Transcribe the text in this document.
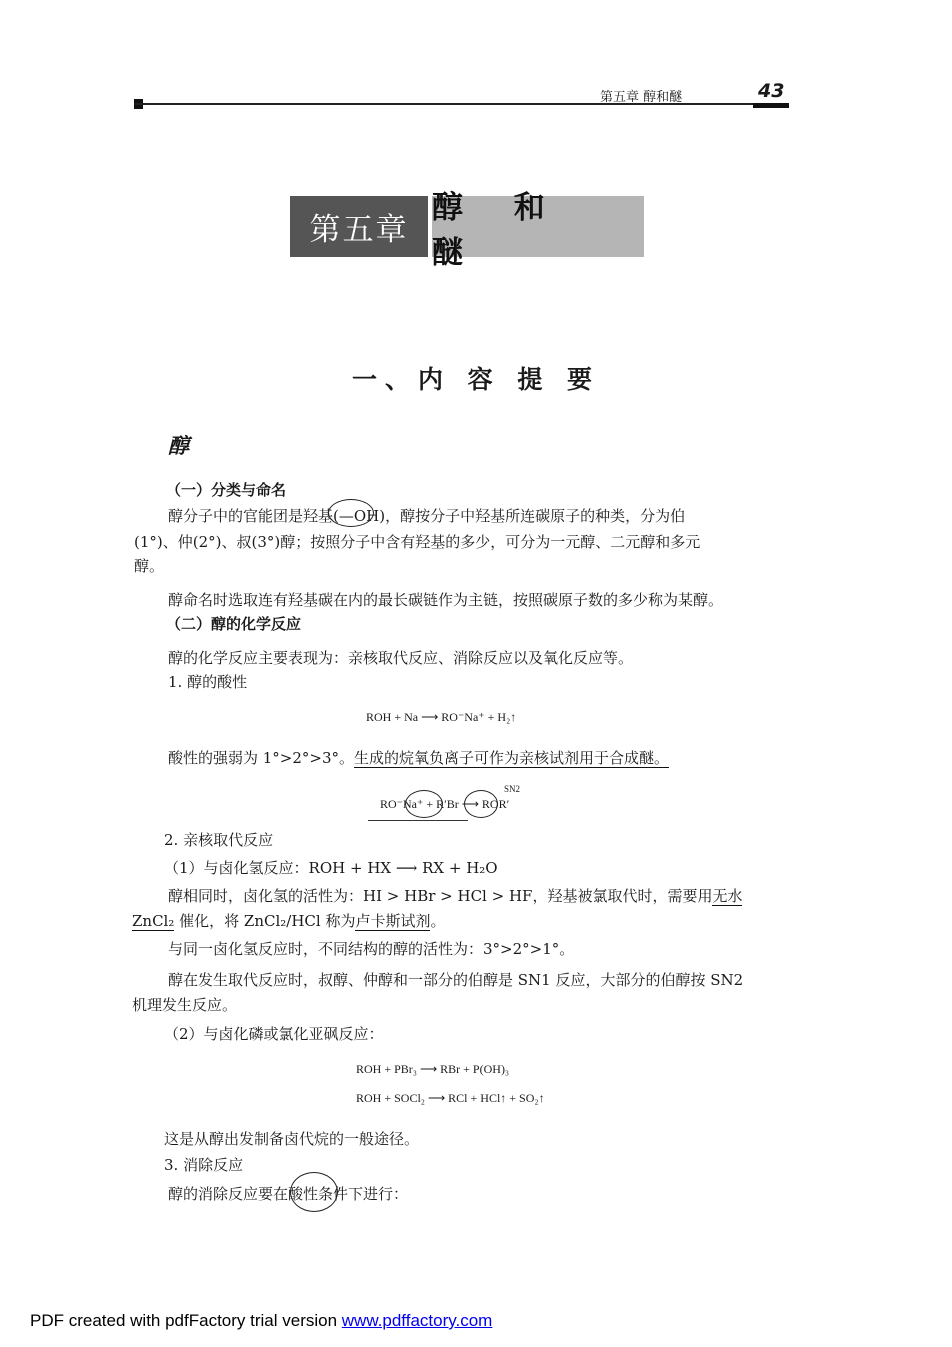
第五章 醇和醚	43
第五章
醇 和 醚
一、内 容 提 要
醇
（一）分类与命名
醇分子中的官能团是羟基(—OH)，醇按分子中羟基所连碳原子的种类，分为伯
(1°)、仲(2°)、叔(3°)醇；按照分子中含有羟基的多少，可分为一元醇、二元醇和多元
醇。
醇命名时选取连有羟基碳在内的最长碳链作为主链，按照碳原子数的多少称为某醇。
（二）醇的化学反应
醇的化学反应主要表现为：亲核取代反应、消除反应以及氧化反应等。
1. 醇的酸性
ROH + Na ⟶ RO⁻Na⁺ + H₂↑
酸性的强弱为 1°>2°>3°。生成的烷氧负离子可作为亲核试剂用于合成醚。
SN2
RO⁻Na⁺ + R′Br ⟶ ROR′
2. 亲核取代反应
（1）与卤化氢反应：ROH + HX ⟶ RX + H₂O
醇相同时，卤化氢的活性为：HI > HBr > HCl > HF，羟基被氯取代时，需要用无水
ZnCl₂ 催化，将 ZnCl₂/HCl 称为卢卡斯试剂。
与同一卤化氢反应时，不同结构的醇的活性为：3°>2°>1°。
醇在发生取代反应时，叔醇、仲醇和一部分的伯醇是 SN1 反应，大部分的伯醇按 SN2
机理发生反应。
（2）与卤化磷或氯化亚砜反应：
ROH + PBr₃ ⟶ RBr + P(OH)₃
ROH + SOCl₂ ⟶ RCl + HCl↑ + SO₂↑
这是从醇出发制备卤代烷的一般途径。
3. 消除反应
醇的消除反应要在酸性条件下进行：
PDF created with pdfFactory trial version www.pdffactory.com
